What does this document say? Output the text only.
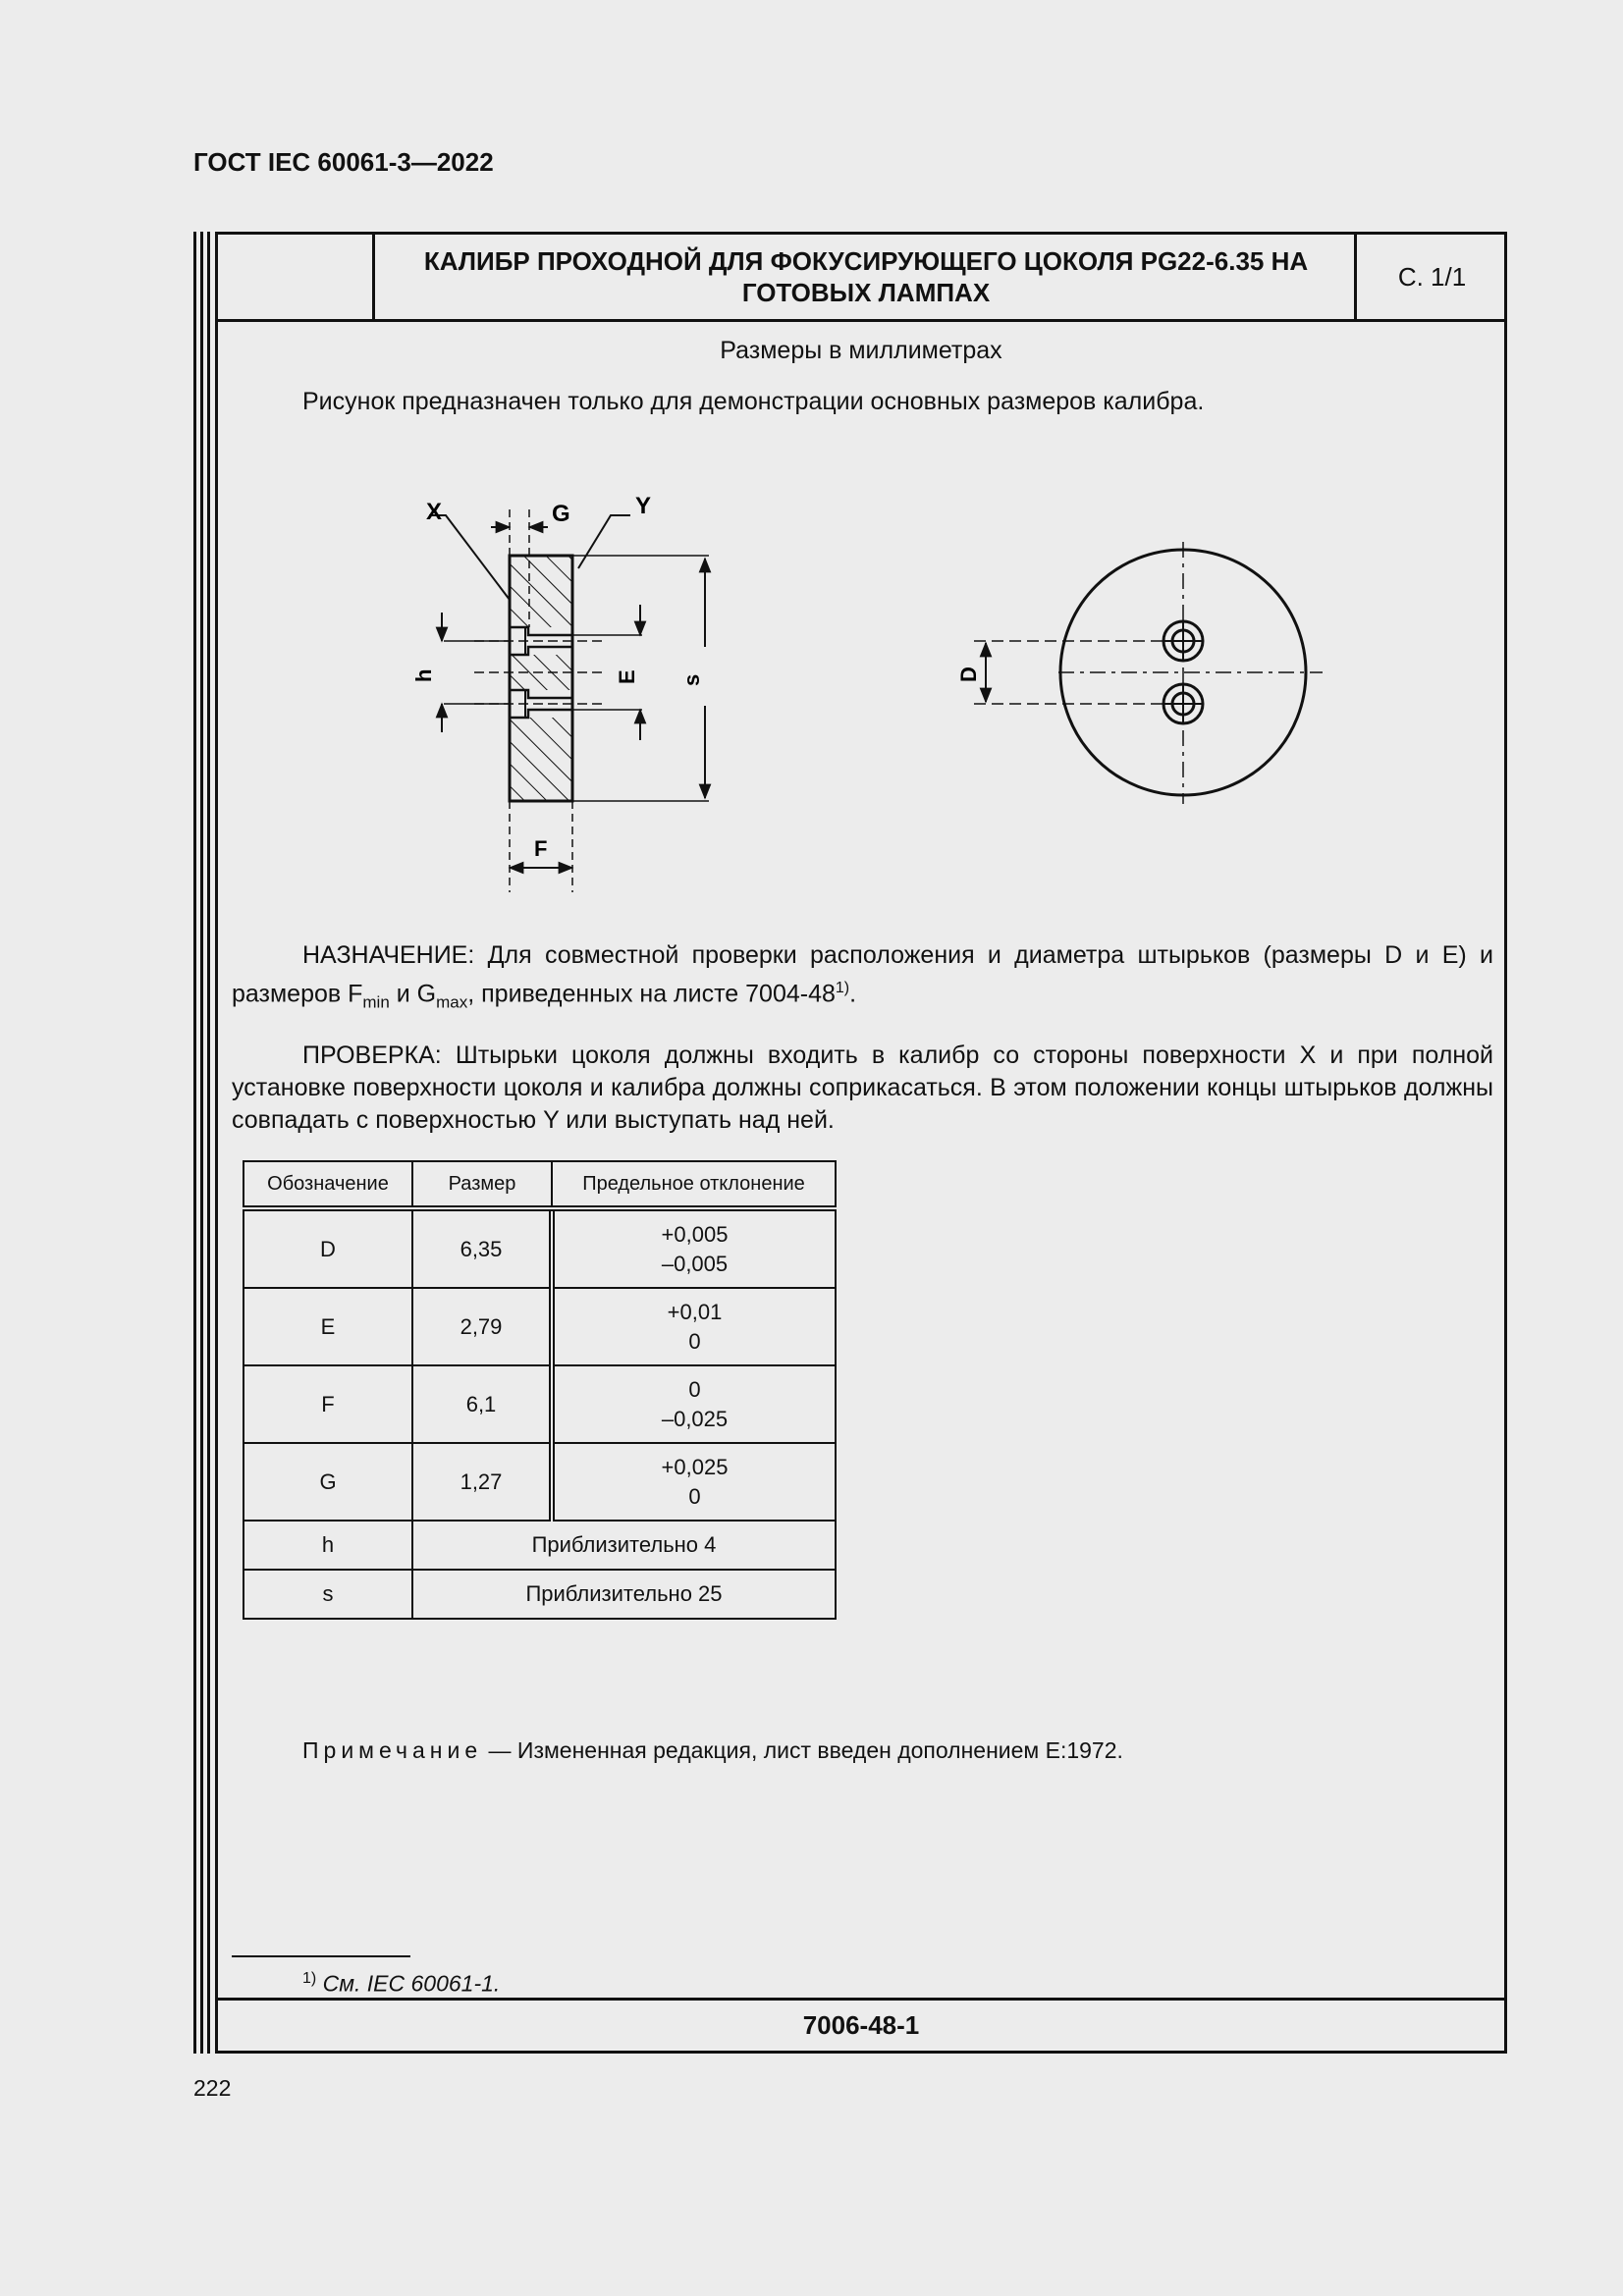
ГОСТ IEC 60061-3—2022
КАЛИБР ПРОХОДНОЙ ДЛЯ ФОКУСИРУЮЩЕГО ЦОКОЛЯ PG22-6.35 НА ГОТОВЫХ ЛАМПАХ
С. 1/1
Размеры в миллиметрах
Рисунок предназначен только для демонстрации основных размеров калибра.
X	Y
G
h	E s
F
D
НАЗНАЧЕНИЕ: Для совместной проверки расположения и диаметра штырьков (размеры D и E) и размеров $F_{min}$ и $G_{max}$, приведенных на листе 7004-48$^{1)}$.
ПРОВЕРКА: Штырьки цоколя должны входить в калибр со стороны поверхности X и при полной установке поверхности цоколя и калибра должны соприкасаться. В этом положении концы штырьков должны совпадать с поверхностью Y или выступать над ней.
Обозначение	Размер	Предельное отклонение
D	6,35	+0,005
–0,005

E	2,79	+0,01
0

F	6,1	0
–0,025

G	1,27	+0,025
0

h	Приблизительно 4	
s	Приблизительно 25	
Примечание — Измененная редакция, лист введен дополнением E:1972.
$^{1)}$ См. IEC 60061-1.
7006-48-1
222
